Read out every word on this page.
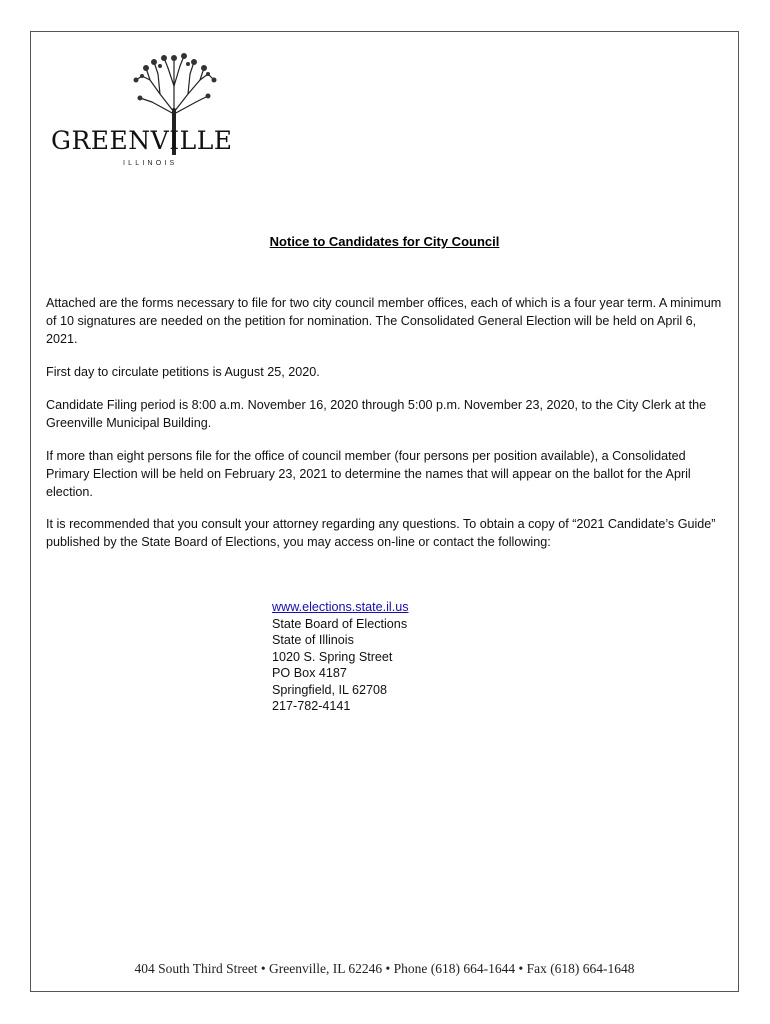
GREENVILLE
ILLINOIS
Notice to Candidates for City Council
Attached are the forms necessary to file for two city council member offices, each of which is a four year term. A minimum of 10 signatures are needed on the petition for nomination. The Consolidated General Election will be held on April 6, 2021.
First day to circulate petitions is August 25, 2020.
Candidate Filing period is 8:00 a.m. November 16, 2020 through 5:00 p.m. November 23, 2020, to the City Clerk at the Greenville Municipal Building.
If more than eight persons file for the office of council member (four persons per position available), a Consolidated Primary Election will be held on February 23, 2021 to determine the names that will appear on the ballot for the April election.
It is recommended that you consult your attorney regarding any questions. To obtain a copy of “2021 Candidate’s Guide” published by the State Board of Elections, you may access on-line or contact the following:
www.elections.state.il.us
State Board of Elections
State of Illinois
1020 S. Spring Street
PO Box 4187
Springfield, IL 62708
217-782-4141
404 South Third Street • Greenville, IL 62246 • Phone (618) 664-1644 • Fax (618) 664-1648
